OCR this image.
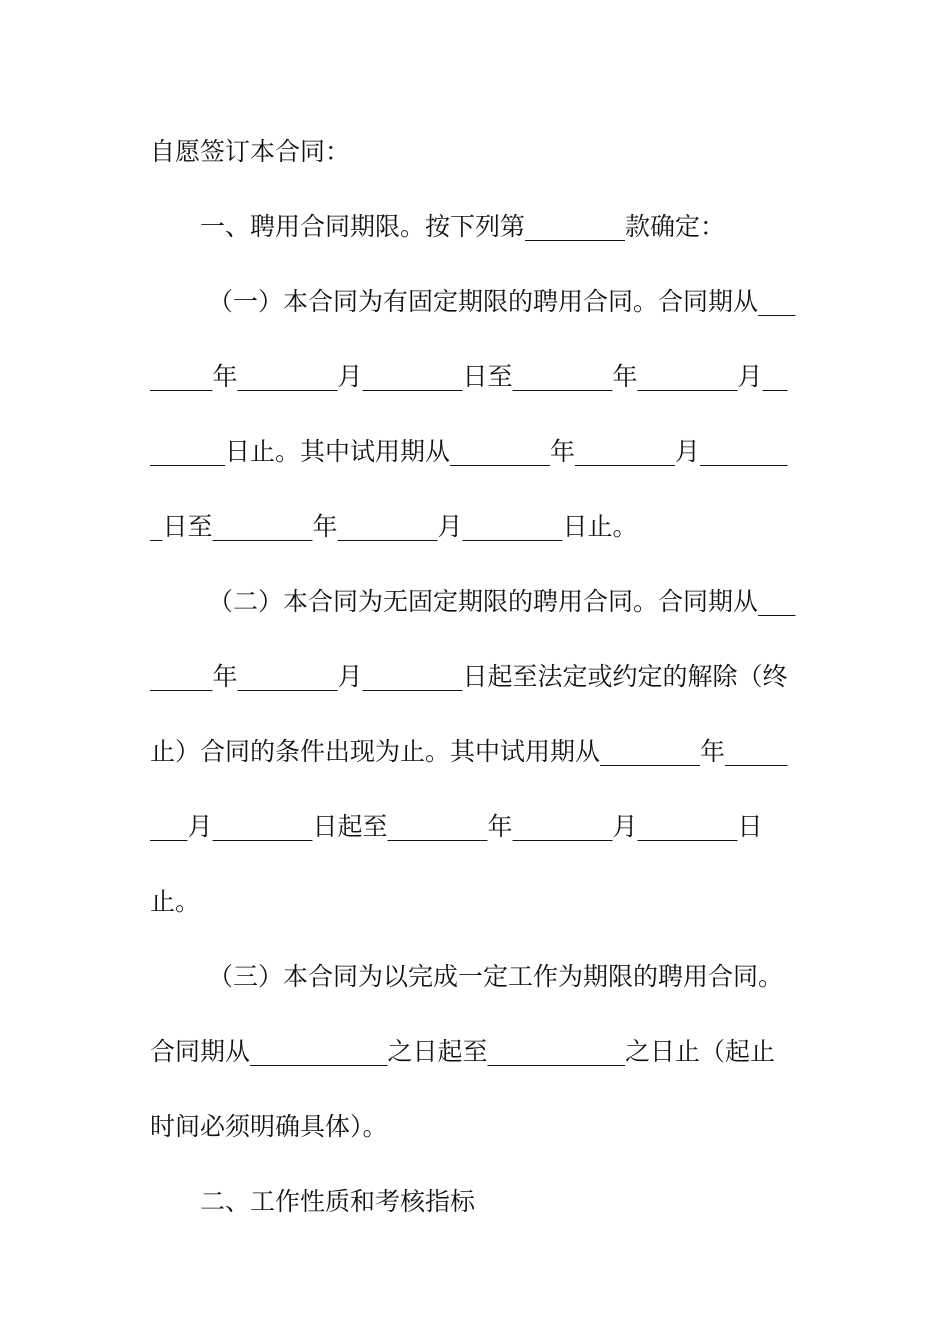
自愿签订本合同：

一、聘用合同期限。按下列第________款确定：

（一）本合同为有固定期限的聘用合同。合同期从___

_____年________月________日至________年________月__

______日止。其中试用期从________年________月_______

_日至________年________月________日止。

（二）本合同为无固定期限的聘用合同。合同期从___

_____年________月________日起至法定或约定的解除（终

止）合同的条件出现为止。其中试用期从________年_____

___月________日起至________年________月________日

止。

（三）本合同为以完成一定工作为期限的聘用合同。

合同期从___________之日起至___________之日止（起止

时间必须明确具体）。

二、工作性质和考核指标
